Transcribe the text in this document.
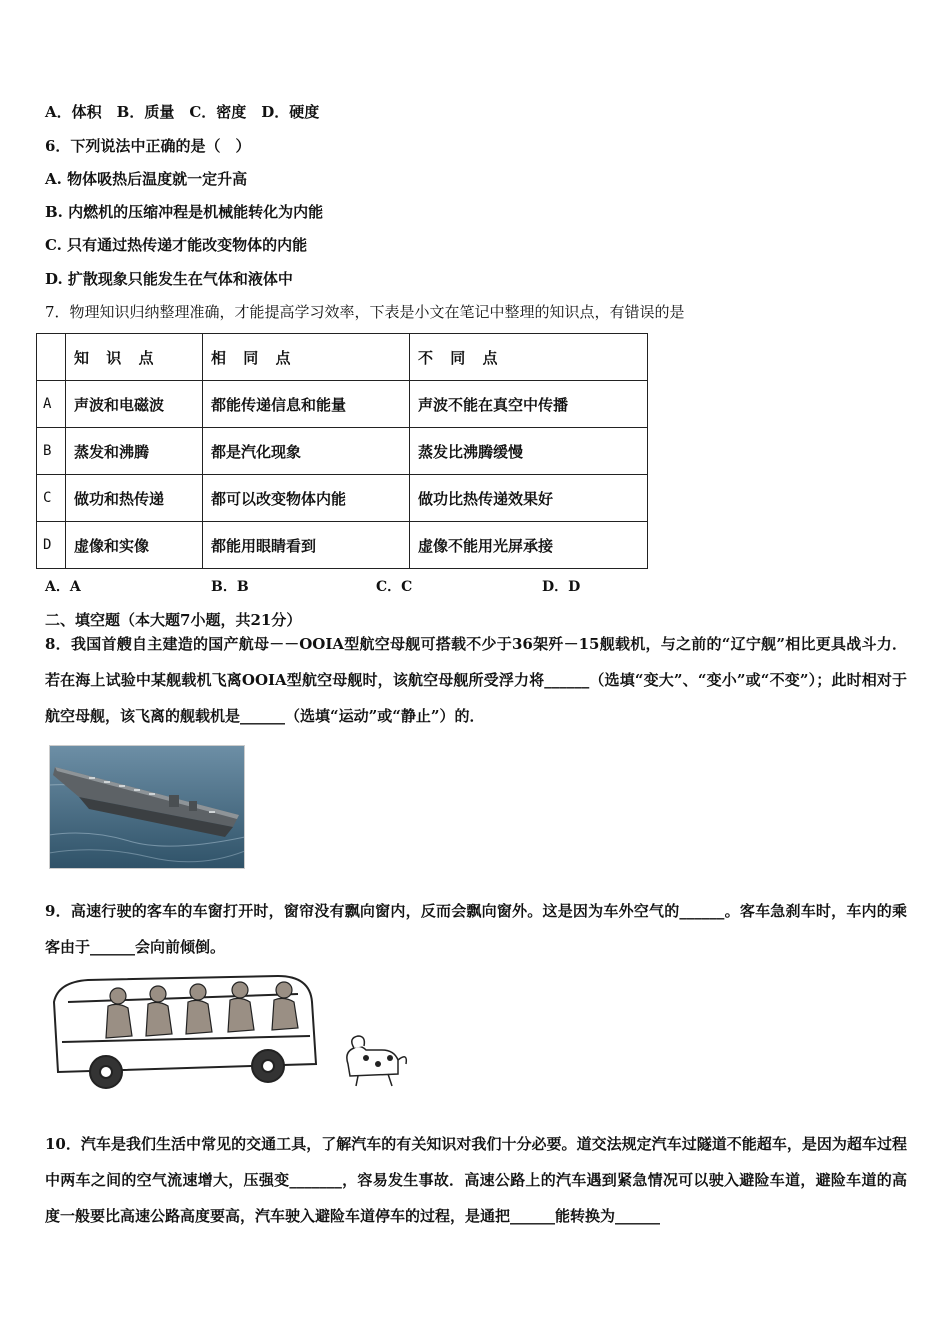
A．体积　B．质量　C．密度　D．硬度
6．下列说法中正确的是（　）
A. 物体吸热后温度就一定升高
B. 内燃机的压缩冲程是机械能转化为内能
C. 只有通过热传递才能改变物体的内能
D. 扩散现象只能发生在气体和液体中
7．物理知识归纳整理准确，才能提高学习效率，下表是小文在笔记中整理的知识点，有错误的是
	知 识 点	相 同 点	不 同 点
A	声波和电磁波	都能传递信息和能量	声波不能在真空中传播
B	蒸发和沸腾	都是汽化现象	蒸发比沸腾缓慢
C	做功和热传递	都可以改变物体内能	做功比热传递效果好
D	虚像和实像	都能用眼睛看到	虚像不能用光屏承接
A．A	B．B	C．C	D．D
二、填空题（本大题7小题，共21分）
8．我国首艘自主建造的国产航母－－OOIA型航空母舰可搭载不少于36架歼－15舰载机，与之前的“辽宁舰”相比更具战斗力．若在海上试验中某舰载机飞离OOIA型航空母舰时，该航空母舰所受浮力将______（选填“变大”、“变小”或“不变”）；此时相对于航空母舰，该飞离的舰载机是______（选填“运动”或“静止”）的．
9．高速行驶的客车的车窗打开时，窗帘没有飘向窗内，反而会飘向窗外。这是因为车外空气的______。客车急刹车时，车内的乘客由于______会向前倾倒。
10．汽车是我们生活中常见的交通工具，了解汽车的有关知识对我们十分必要。道交法规定汽车过隧道不能超车，是因为超车过程中两车之间的空气流速增大，压强变_______，容易发生事故．高速公路上的汽车遇到紧急情况可以驶入避险车道，避险车道的高度一般要比高速公路高度要高，汽车驶入避险车道停车的过程，是通把______能转换为______
